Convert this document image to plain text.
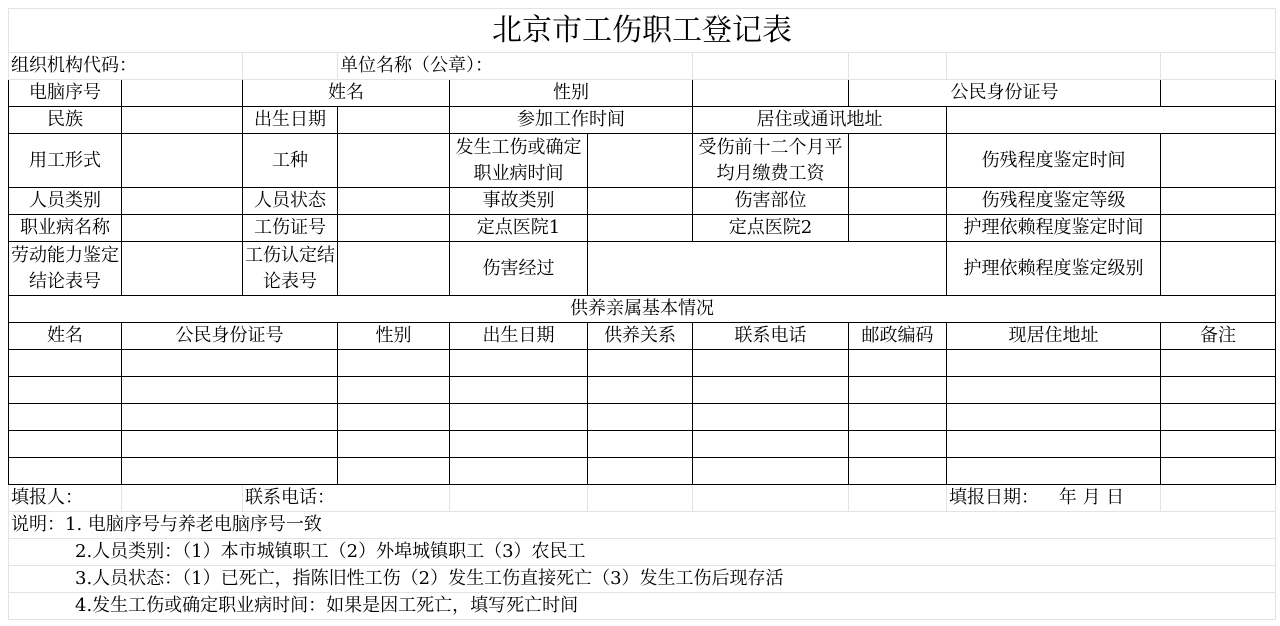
北京市工伤职工登记表									
组织机构代码：			单位名称（公章）：						
电脑序号		姓名		性别			公民身份证号		
民族		出生日期		参加工作时间		居住或通讯地址			
用工形式		工种		发生工伤或确定职业病时间		受伤前十二个月平均月缴费工资		伤残程度鉴定时间	
人员类别		人员状态		事故类别		伤害部位		伤残程度鉴定等级	
职业病名称		工伤证号		定点医院1		定点医院2		护理依赖程度鉴定时间	
劳动能力鉴定结论表号		工伤认定结论表号		伤害经过				护理依赖程度鉴定级别	
供养亲属基本情况									
姓名	公民身份证号		性别	出生日期	供养关系	联系电话	邮政编码	现居住地址	备注

填报人：		联系电话：						填报日期： 年 月 日	
说明：1. 电脑序号与养老电脑序号一致									
2.人员类别：（1）本市城镇职工（2）外埠城镇职工（3）农民工									
3.人员状态：（1）已死亡，指陈旧性工伤（2）发生工伤直接死亡（3）发生工伤后现存活									
4.发生工伤或确定职业病时间：如果是因工死亡，填写死亡时间									
